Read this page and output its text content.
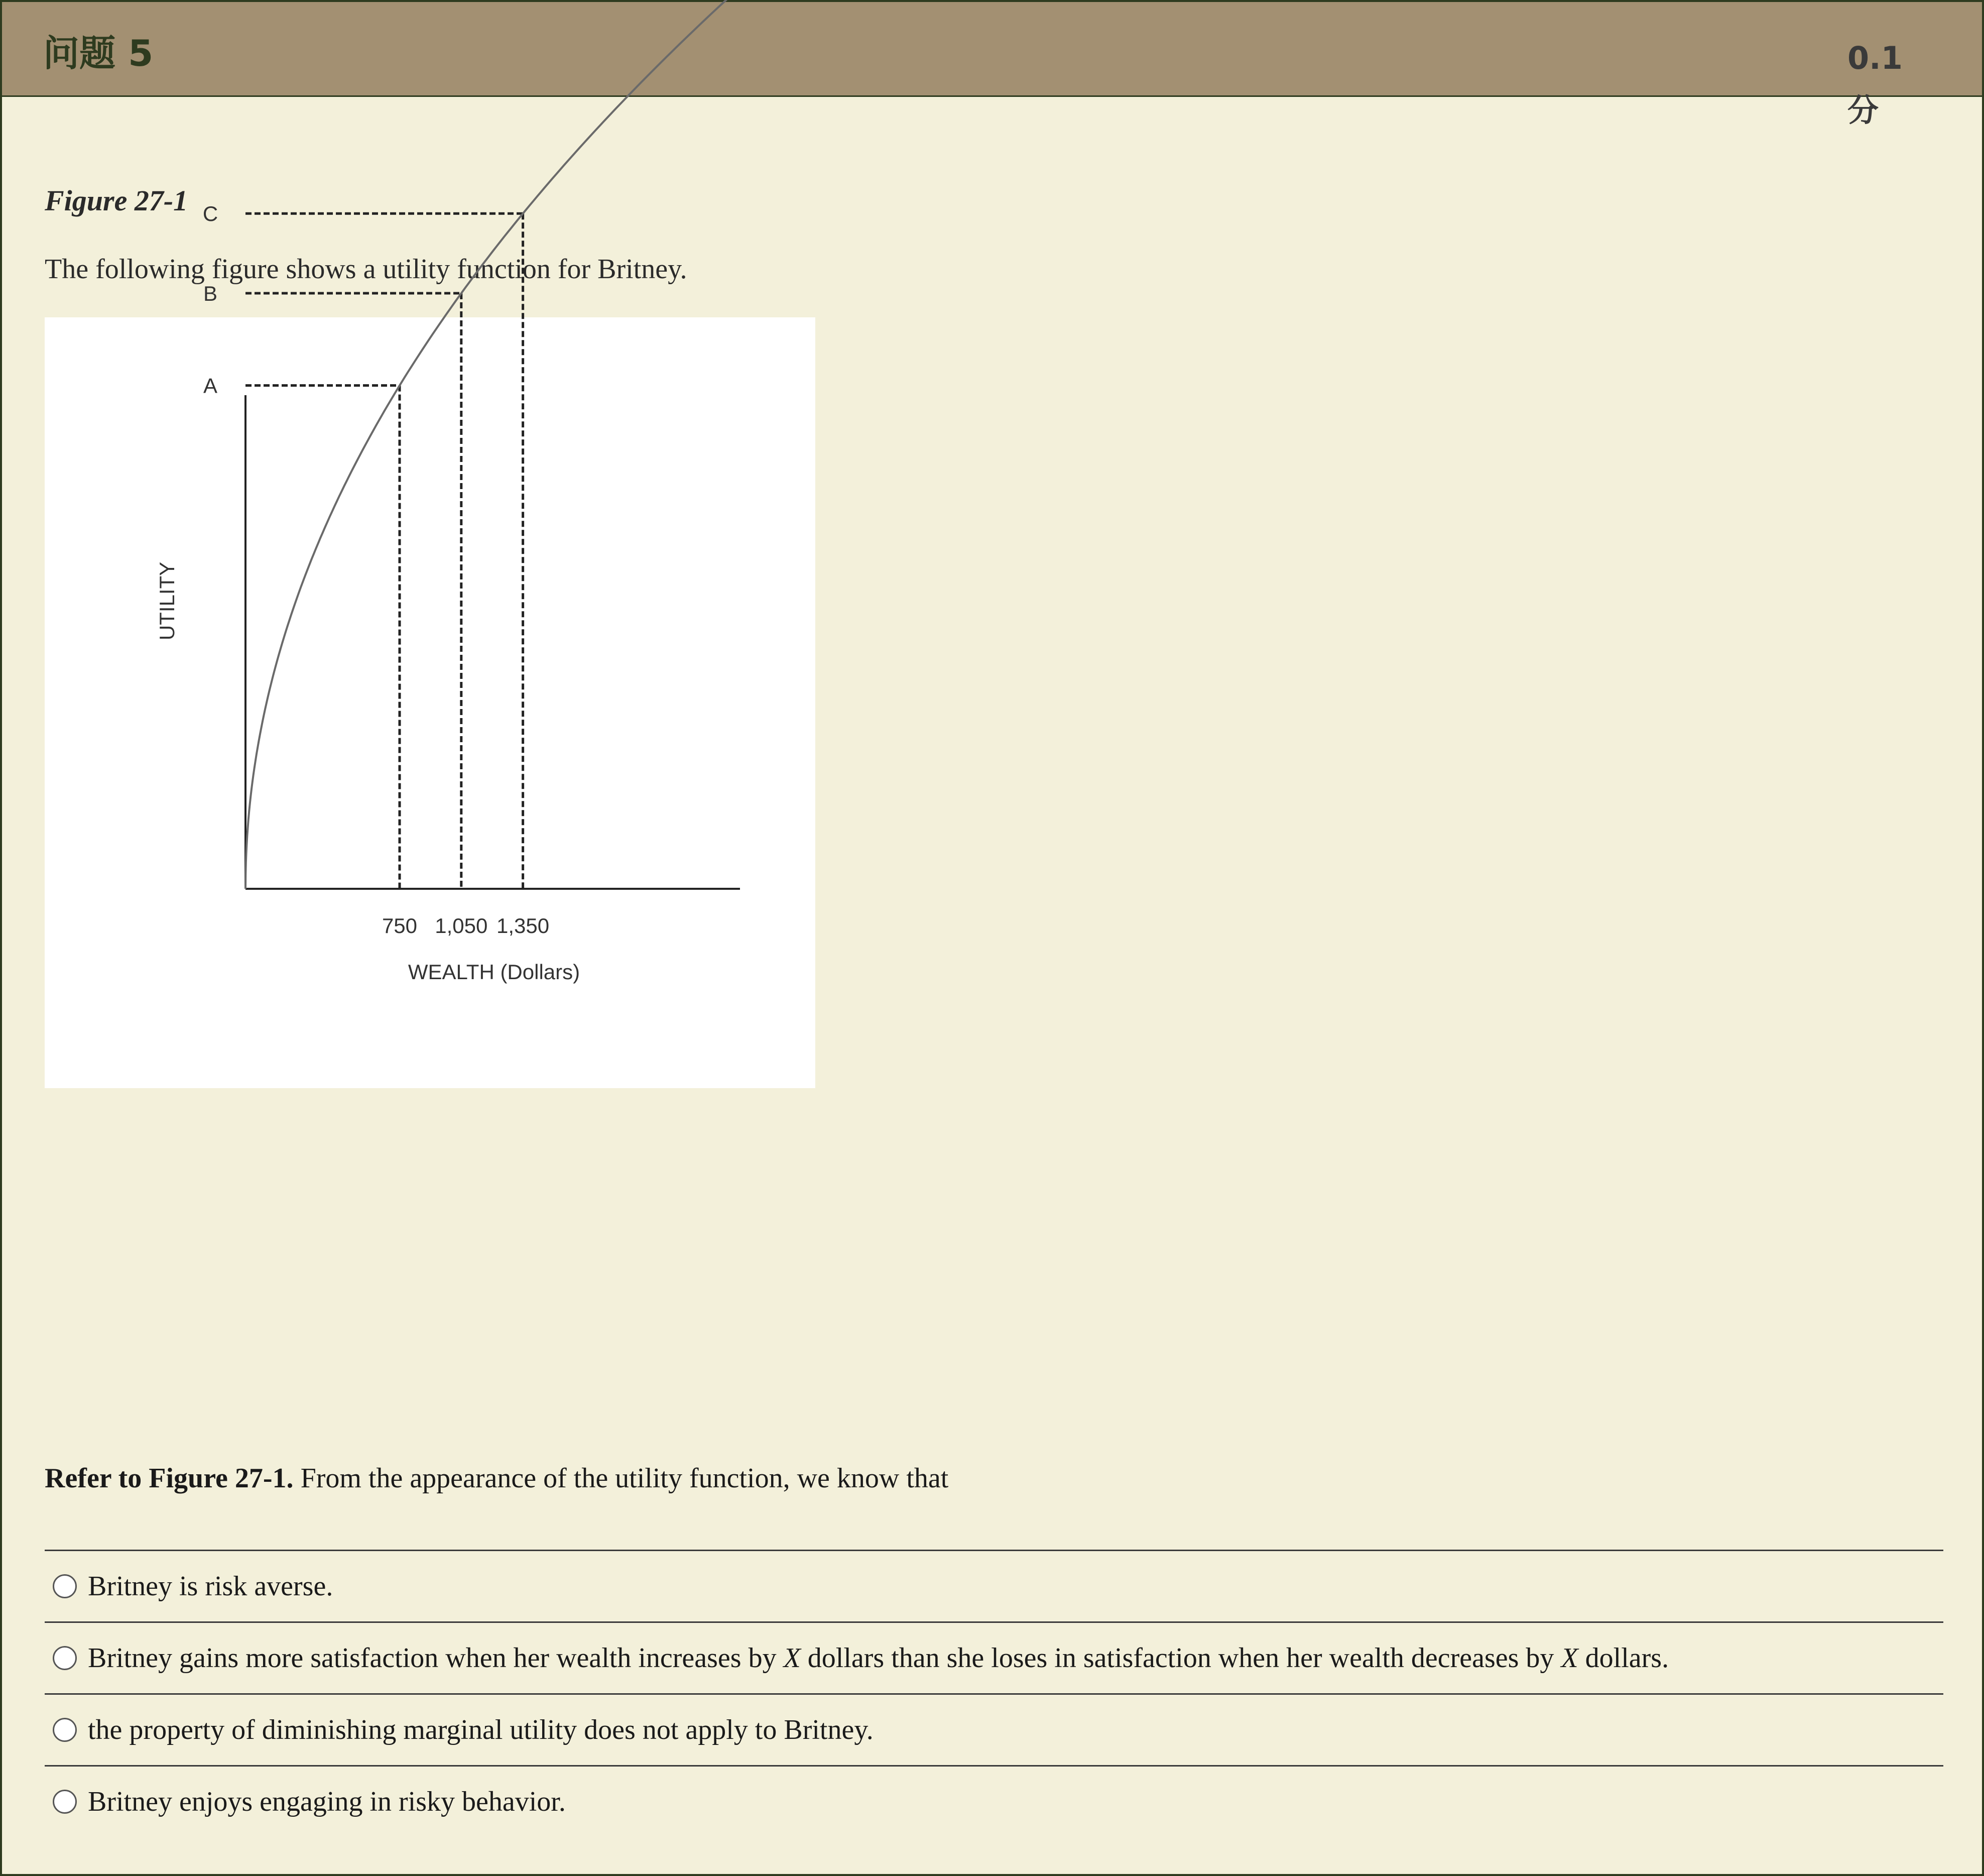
问题 5	0.1 分
Figure 27-1
The following figure shows a utility function for Britney.
750
A
1,050
B
1,350
C
WEALTH (Dollars)
UTILITY
Refer to Figure 27-1. From the appearance of the utility function, we know that
Britney is risk averse.
Britney gains more satisfaction when her wealth increases by X dollars than she loses in satisfaction when her wealth decreases by X dollars.
the property of diminishing marginal utility does not apply to Britney.
Britney enjoys engaging in risky behavior.
